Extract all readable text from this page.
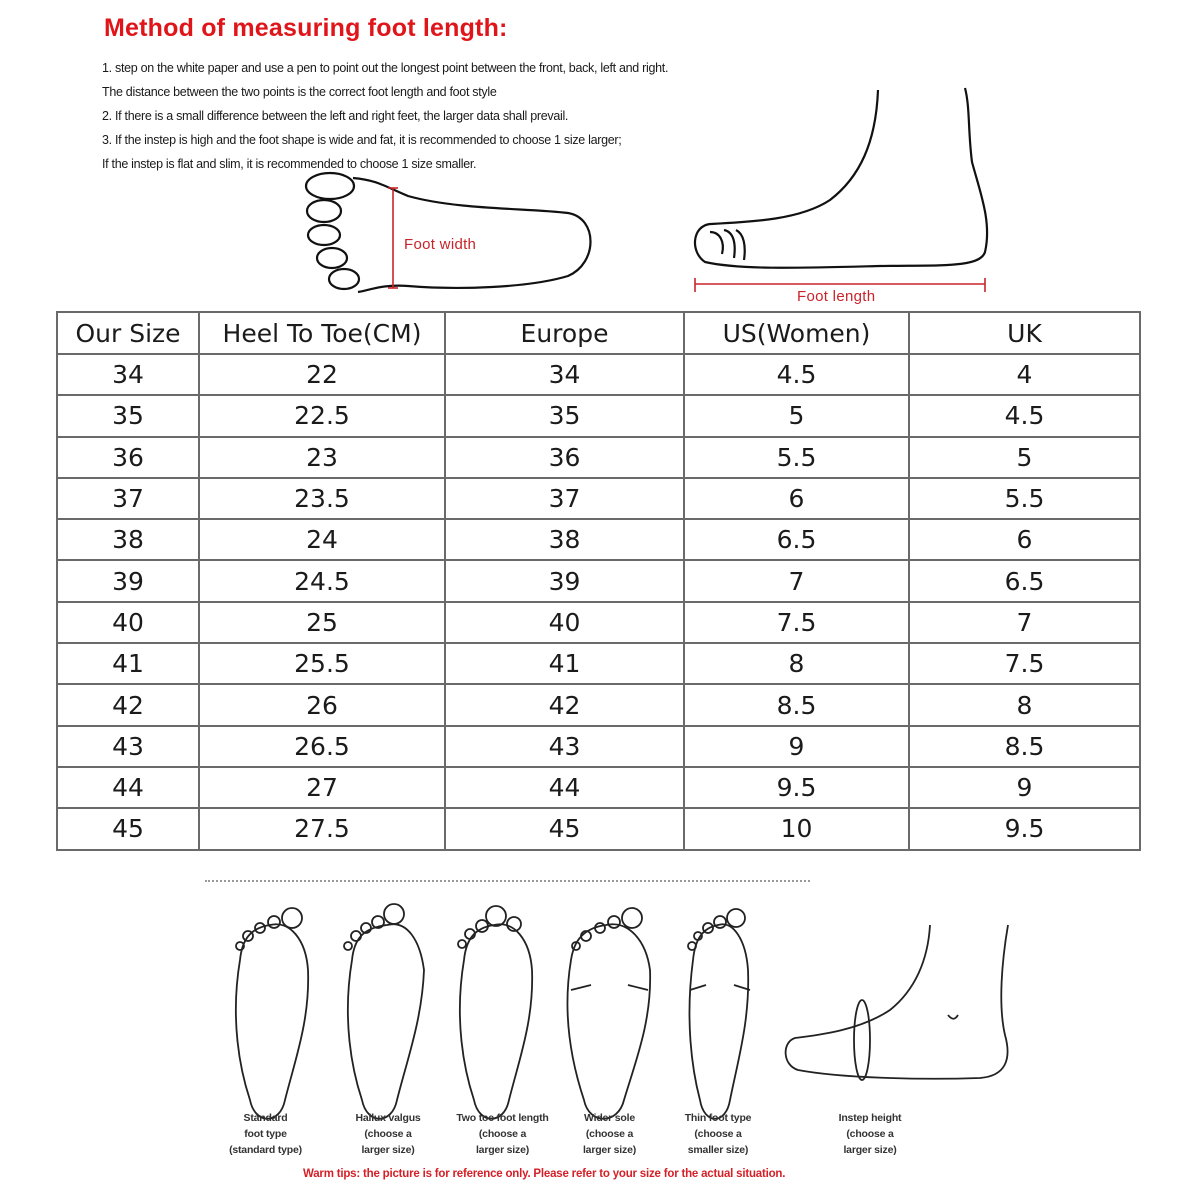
Method of measuring foot length:
1. step on the white paper and use a pen to point out the longest point between the front, back, left and right.
The distance between the two points is the correct foot length and foot style
2. If there is a small difference between the left and right feet, the larger data shall prevail.
3. If the instep is high and the foot shape is wide and fat, it is recommended to choose 1 size larger;
If the instep is flat and slim, it is recommended to choose 1 size smaller.
Foot width
Foot length
Our Size	Heel To Toe(CM)	Europe	US(Women)	UK
34	22	34	4.5	4
35	22.5	35	5	4.5
36	23	36	5.5	5
37	23.5	37	6	5.5
38	24	38	6.5	6
39	24.5	39	7	6.5
40	25	40	7.5	7
41	25.5	41	8	7.5
42	26	42	8.5	8
43	26.5	43	9	8.5
44	27	44	9.5	9
45	27.5	45	10	9.5
Standard
foot type
(standard type)
Hallux valgus
(choose a
larger size)
Two toe foot length
(choose a
larger size)
Wider sole
(choose a
larger size)
Thin foot type
(choose a
smaller size)
Instep height
(choose a
larger size)
Warm tips: the picture is for reference only. Please refer to your size for the actual situation.
